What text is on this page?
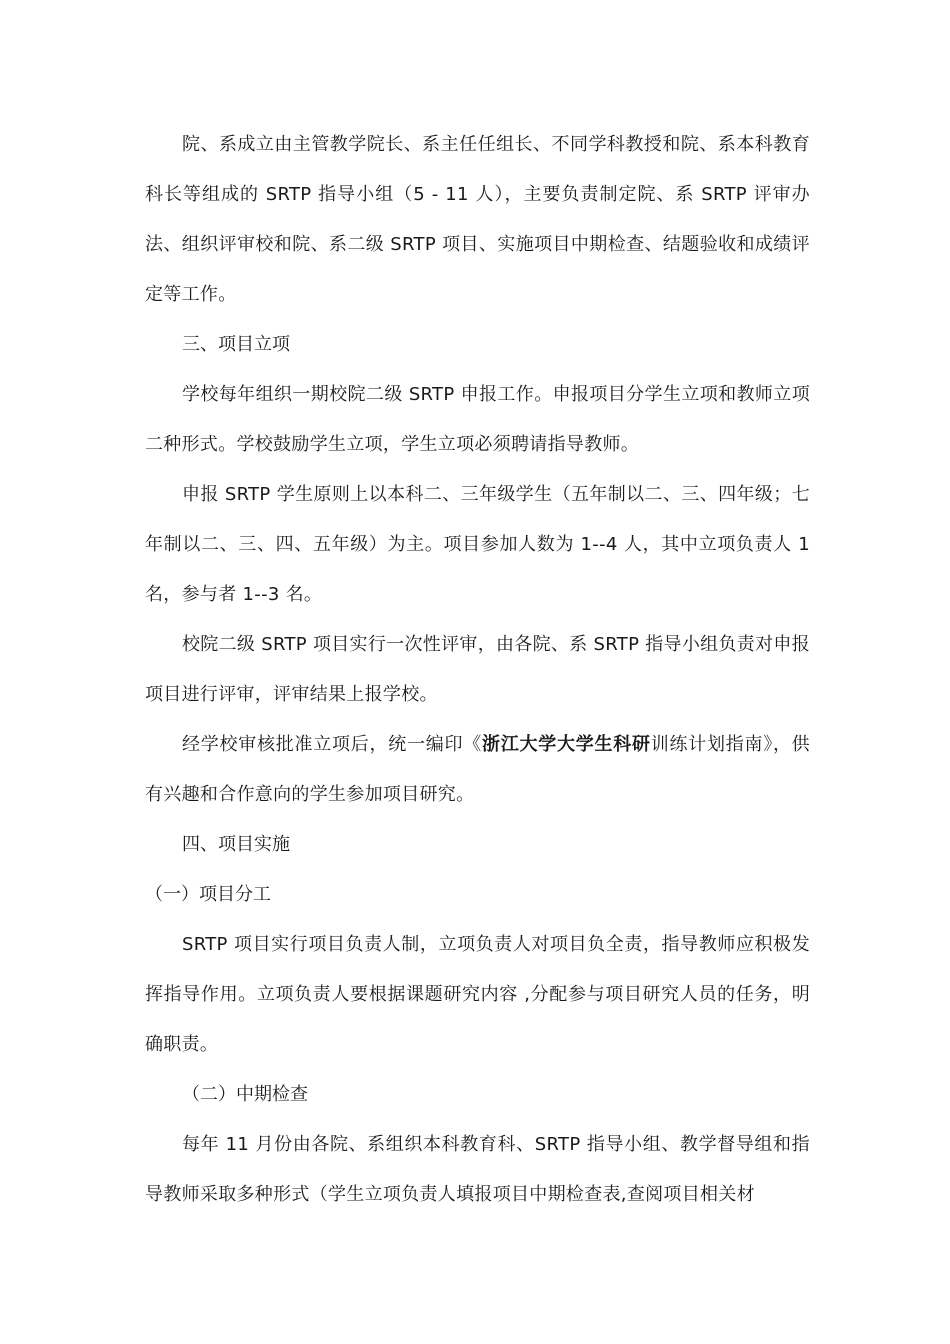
院、系成立由主管教学院长、系主任任组长、不同学科教授和院、系本科教育科长等组成的 SRTP 指导小组（5 - 11 人），主要负责制定院、系 SRTP 评审办法、组织评审校和院、系二级 SRTP 项目、实施项目中期检查、结题验收和成绩评定等工作。

三、项目立项

学校每年组织一期校院二级 SRTP 申报工作。申报项目分学生立项和教师立项二种形式。学校鼓励学生立项，学生立项必须聘请指导教师。

申报 SRTP 学生原则上以本科二、三年级学生（五年制以二、三、四年级；七年制以二、三、四、五年级）为主。项目参加人数为 1--4 人，其中立项负责人 1 名，参与者 1--3 名。

校院二级 SRTP 项目实行一次性评审，由各院、系 SRTP 指导小组负责对申报项目进行评审，评审结果上报学校。

经学校审核批准立项后，统一编印《浙江大学大学生科研训练计划指南》，供有兴趣和合作意向的学生参加项目研究。

四、项目实施

（一）项目分工

SRTP 项目实行项目负责人制，立项负责人对项目负全责，指导教师应积极发挥指导作用。立项负责人要根据课题研究内容 ,分配参与项目研究人员的任务，明确职责。

（二）中期检查

每年 11 月份由各院、系组织本科教育科、SRTP 指导小组、教学督导组和指导教师采取多种形式（学生立项负责人填报项目中期检查表,查阅项目相关材
